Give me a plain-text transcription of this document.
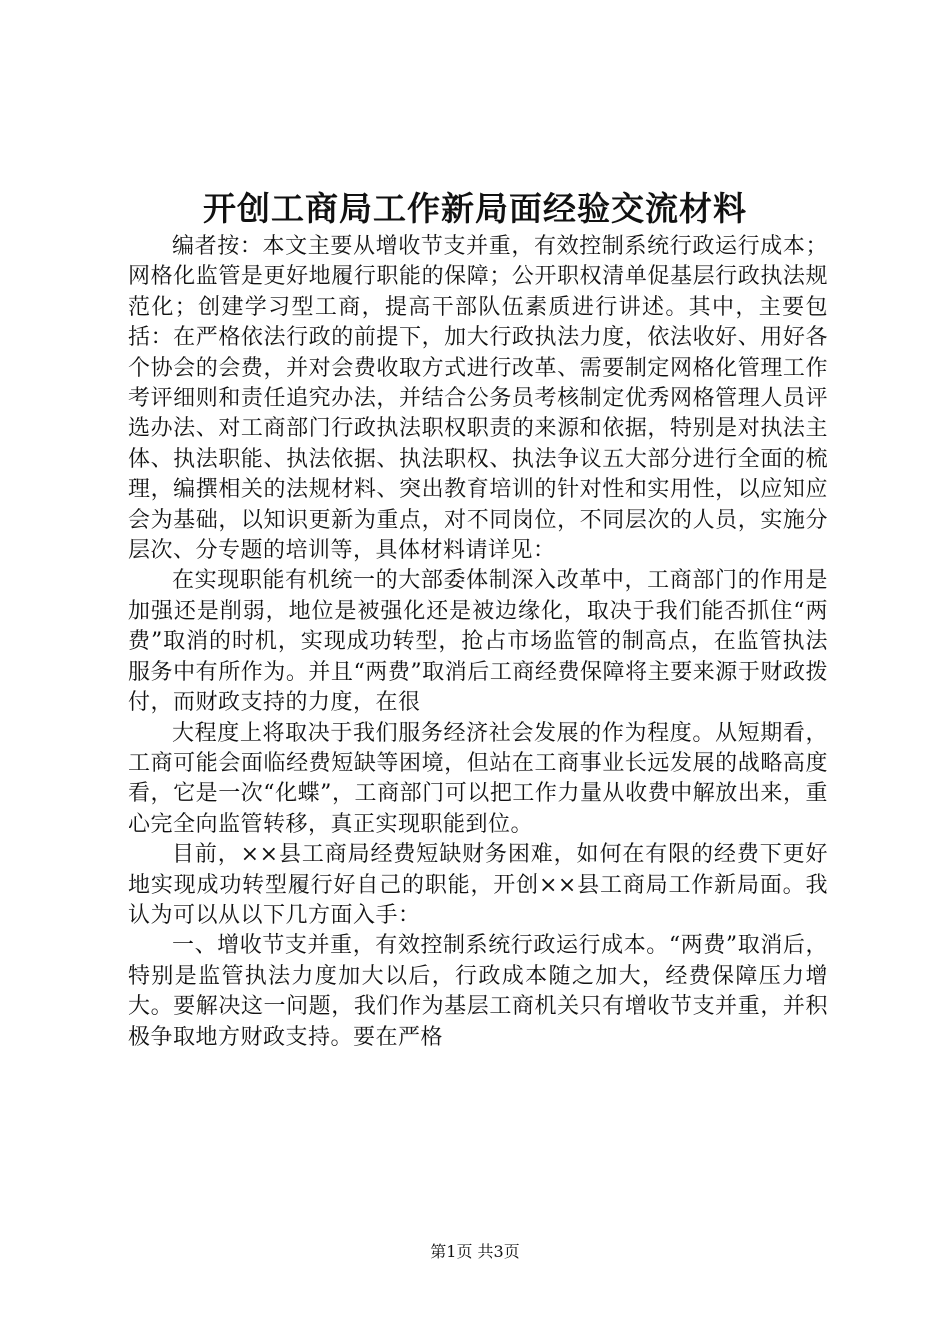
开创工商局工作新局面经验交流材料

编者按：本文主要从增收节支并重，有效控制系统行政运行成本；网格化监管是更好地履行职能的保障；公开职权清单促基层行政执法规范化；创建学习型工商，提高干部队伍素质进行讲述。其中，主要包括：在严格依法行政的前提下，加大行政执法力度，依法收好、用好各个协会的会费，并对会费收取方式进行改革、需要制定网格化管理工作考评细则和责任追究办法，并结合公务员考核制定优秀网格管理人员评选办法、对工商部门行政执法职权职责的来源和依据，特别是对执法主体、执法职能、执法依据、执法职权、执法争议五大部分进行全面的梳理，编撰相关的法规材料、突出教育培训的针对性和实用性，以应知应会为基础，以知识更新为重点，对不同岗位，不同层次的人员，实施分层次、分专题的培训等，具体材料请详见：

在实现职能有机统一的大部委体制深入改革中，工商部门的作用是加强还是削弱，地位是被强化还是被边缘化，取决于我们能否抓住“两费”取消的时机，实现成功转型，抢占市场监管的制高点，在监管执法服务中有所作为。并且“两费”取消后工商经费保障将主要来源于财政拨付，而财政支持的力度，在很

大程度上将取决于我们服务经济社会发展的作为程度。从短期看，工商可能会面临经费短缺等困境，但站在工商事业长远发展的战略高度看，它是一次“化蝶”，工商部门可以把工作力量从收费中解放出来，重心完全向监管转移，真正实现职能到位。

目前，××县工商局经费短缺财务困难，如何在有限的经费下更好地实现成功转型履行好自己的职能，开创××县工商局工作新局面。我认为可以从以下几方面入手：

一、增收节支并重，有效控制系统行政运行成本。“两费”取消后，特别是监管执法力度加大以后，行政成本随之加大，经费保障压力增大。要解决这一问题，我们作为基层工商机关只有增收节支并重，并积极争取地方财政支持。要在严格

第1页 共3页
